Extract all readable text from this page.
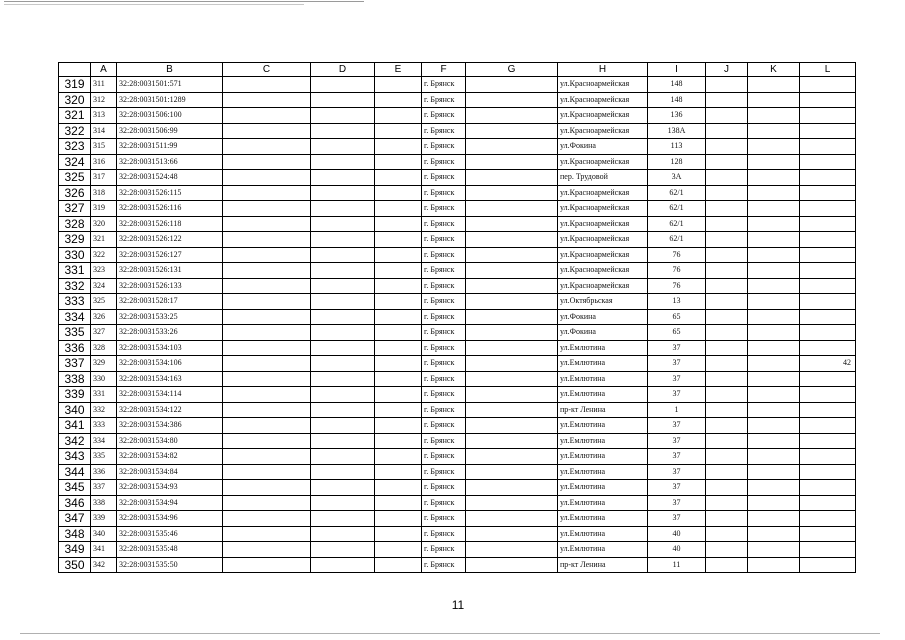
	A	B	C	D	E	F	G	H	I	J	K	L
319	311	32:28:0031501:571				г. Брянск		ул.Красноармейская	148			
320	312	32:28:0031501:1289				г. Брянск		ул.Красноармейская	148			
321	313	32:28:0031506:100				г. Брянск		ул.Красноармейская	136			
322	314	32:28:0031506:99				г. Брянск		ул.Красноармейская	138А			
323	315	32:28:0031511:99				г. Брянск		ул.Фокина	113			
324	316	32:28:0031513:66				г. Брянск		ул.Красноармейская	128			
325	317	32:28:0031524:48				г. Брянск		пер. Трудовой	3А			
326	318	32:28:0031526:115				г. Брянск		ул.Красноармейская	62/1			
327	319	32:28:0031526:116				г. Брянск		ул.Красноармейская	62/1			
328	320	32:28:0031526:118				г. Брянск		ул.Красноармейская	62/1			
329	321	32:28:0031526:122				г. Брянск		ул.Красноармейская	62/1			
330	322	32:28:0031526:127				г. Брянск		ул.Красноармейская	76			
331	323	32:28:0031526:131				г. Брянск		ул.Красноармейская	76			
332	324	32:28:0031526:133				г. Брянск		ул.Красноармейская	76			
333	325	32:28:0031528:17				г. Брянск		ул.Октябрьская	13			
334	326	32:28:0031533:25				г. Брянск		ул.Фокина	65			
335	327	32:28:0031533:26				г. Брянск		ул.Фокина	65			
336	328	32:28:0031534:103				г. Брянск		ул.Емлютина	37			
337	329	32:28:0031534:106				г. Брянск		ул.Емлютина	37			42
338	330	32:28:0031534:163				г. Брянск		ул.Емлютина	37			
339	331	32:28:0031534:114				г. Брянск		ул.Емлютина	37			
340	332	32:28:0031534:122				г. Брянск		пр-кт Ленина	1			
341	333	32:28:0031534:386				г. Брянск		ул.Емлютина	37			
342	334	32:28:0031534:80				г. Брянск		ул.Емлютина	37			
343	335	32:28:0031534:82				г. Брянск		ул.Емлютина	37			
344	336	32:28:0031534:84				г. Брянск		ул.Емлютина	37			
345	337	32:28:0031534:93				г. Брянск		ул.Емлютина	37			
346	338	32:28:0031534:94				г. Брянск		ул.Емлютина	37			
347	339	32:28:0031534:96				г. Брянск		ул.Емлютина	37			
348	340	32:28:0031535:46				г. Брянск		ул.Емлютина	40			
349	341	32:28:0031535:48				г. Брянск		ул.Емлютина	40			
350	342	32:28:0031535:50				г. Брянск		пр-кт Ленина	11			
11
